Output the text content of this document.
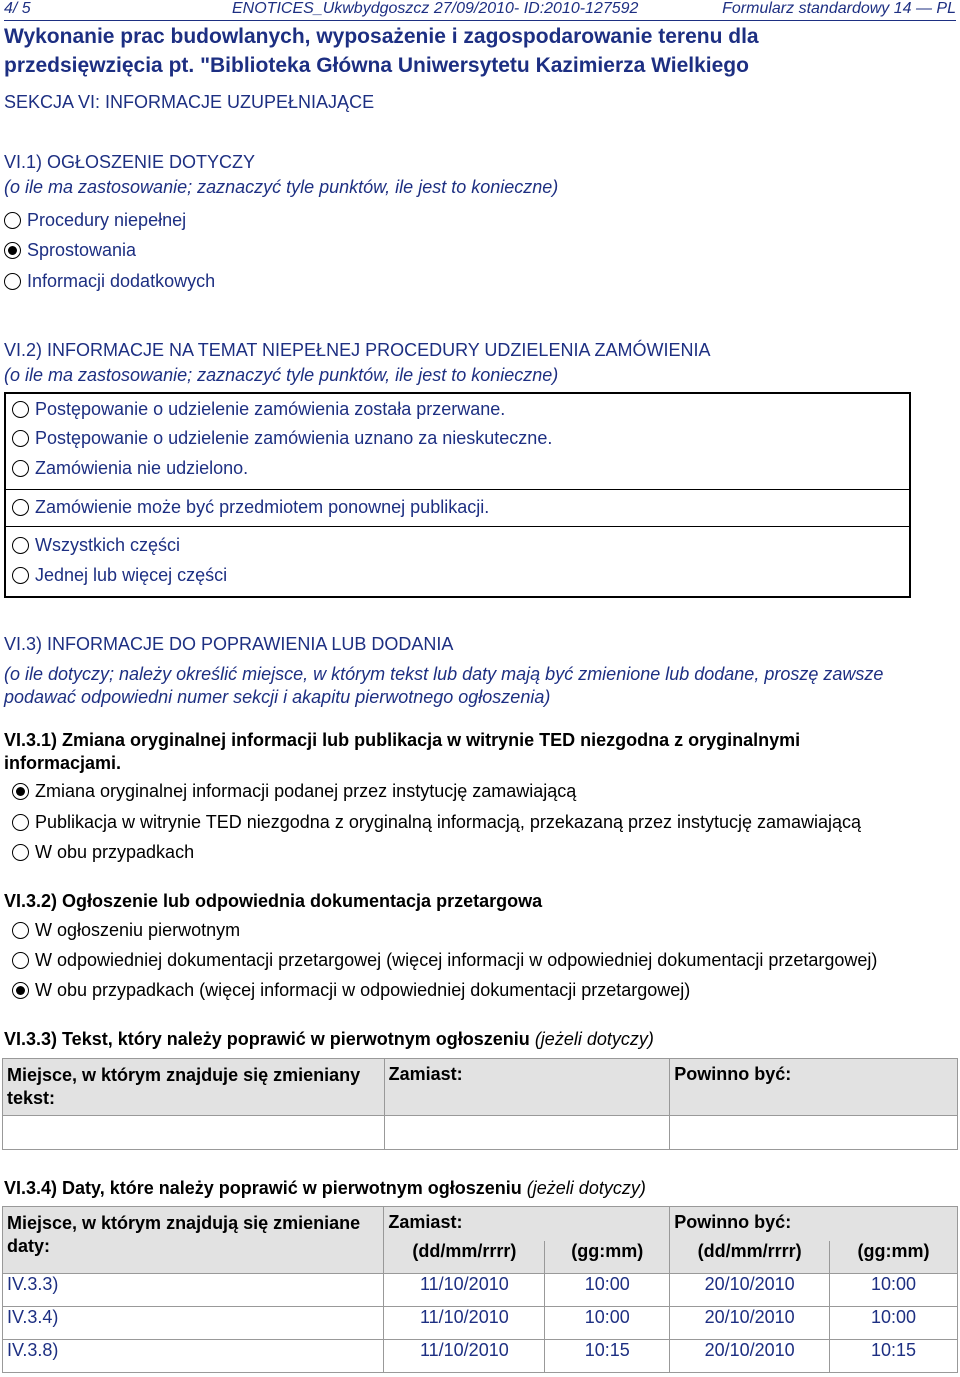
4/ 5	ENOTICES_Ukwbydgoszcz 27/09/2010- ID:2010-127592	Formularz standardowy 14 — PL
Wykonanie prac budowlanych, wyposażenie i zagospodarowanie terenu dla
przedsięwzięcia pt. "Biblioteka Główna Uniwersytetu Kazimierza Wielkiego
SEKCJA VI: INFORMACJE UZUPEŁNIAJĄCE
VI.1) OGŁOSZENIE DOTYCZY
(o ile ma zastosowanie; zaznaczyć tyle punktów, ile jest to konieczne)
Procedury niepełnej
Sprostowania
Informacji dodatkowych
VI.2) INFORMACJE NA TEMAT NIEPEŁNEJ PROCEDURY UDZIELENIA ZAMÓWIENIA
(o ile ma zastosowanie; zaznaczyć tyle punktów, ile jest to konieczne)
Postępowanie o udzielenie zamówienia została przerwane.
Postępowanie o udzielenie zamówienia uznano za nieskuteczne.
Zamówienia nie udzielono.
Zamówienie może być przedmiotem ponownej publikacji.
Wszystkich części
Jednej lub więcej części
VI.3) INFORMACJE DO POPRAWIENIA LUB DODANIA
(o ile dotyczy; należy określić miejsce, w którym tekst lub daty mają być zmienione lub dodane, proszę zawsze podawać odpowiedni numer sekcji i akapitu pierwotnego ogłoszenia)
VI.3.1) Zmiana oryginalnej informacji lub publikacja w witrynie TED niezgodna z oryginalnymi
informacjami.
Zmiana oryginalnej informacji podanej przez instytucję zamawiającą
Publikacja w witrynie TED niezgodna z oryginalną informacją, przekazaną przez instytucję zamawiającą
W obu przypadkach
VI.3.2) Ogłoszenie lub odpowiednia dokumentacja przetargowa
W ogłoszeniu pierwotnym
W odpowiedniej dokumentacji przetargowej (więcej informacji w odpowiedniej dokumentacji przetargowej)
W obu przypadkach (więcej informacji w odpowiedniej dokumentacji przetargowej)
VI.3.3) Tekst, który należy poprawić w pierwotnym ogłoszeniu (jeżeli dotyczy)
Miejsce, w którym znajduje się zmieniany tekst:	Zamiast:	Powinno być:

VI.3.4) Daty, które należy poprawić w pierwotnym ogłoszeniu (jeżeli dotyczy)
Miejsce, w którym znajdują się zmieniane daty:	Zamiast:		Powinno być:	
	(dd/mm/rrrr)	(gg:mm)	(dd/mm/rrrr)	(gg:mm)
IV.3.3)	11/10/2010	10:00	20/10/2010	10:00
IV.3.4)	11/10/2010	10:00	20/10/2010	10:00
IV.3.8)	11/10/2010	10:15	20/10/2010	10:15
